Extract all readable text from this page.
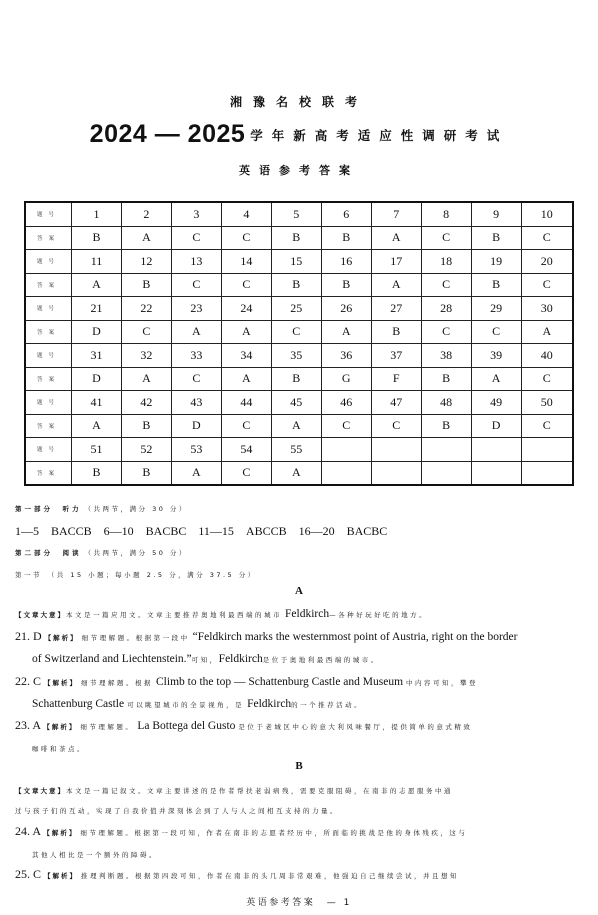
湘豫名校联考
2024 — 2025 学年新高考适应性调研考试
英语参考答案
题号	1	2	3	4	5	6	7	8	9	10
答案	B	A	C	C	B	B	A	C	B	C
题号	11	12	13	14	15	16	17	18	19	20
答案	A	B	C	C	B	B	A	C	B	C
题号	21	22	23	24	25	26	27	28	29	30
答案	D	C	A	A	C	A	B	C	C	A
题号	31	32	33	34	35	36	37	38	39	40
答案	D	A	C	A	B	G	F	B	A	C
题号	41	42	43	44	45	46	47	48	49	50
答案	A	B	D	C	A	C	C	B	D	C
题号	51	52	53	54	55					
答案	B	B	A	C	A					
第一部分　听力 （共两节，满分 30 分）
1—5　BACCB　6—10　BACBC　11—15　ABCCB　16—20　BACBC
第二部分　阅读 （共两节，满分 50 分）
第一节　（共 15 小题；每小题 2.5 分，满分 37.5 分）
A
【文章大意】本文是一篇应用文。文章主要推荐奥地利最西端的城市 Feldkirch—各种好玩好吃的地方。
21. D 【解析】 细节理解题。根据第一段中 “Feldkirch marks the westernmost point of Austria, right on the border
of Switzerland and Liechtenstein.”可知，Feldkirch是位于奥地利最西端的城市。
22. C 【解析】 细节理解题。根据 Climb to the top — Schattenburg Castle and Museum 中内容可知，攀登
Schattenburg Castle 可以眺望城市的全景视角，是 Feldkirch的一个推荐活动。
23. A 【解析】 细节理解题。 La Bottega del Gusto 是位于老城区中心的意大利风味餐厅，提供简单的意式精致
咖啡和茶点。
B
【文章大意】本文是一篇记叙文。文章主要讲述的是作者帮扶老弱病残，需要克服阻碍，在南非的志愿服务中通
过与孩子们的互动，实现了自我价值并深刻体会到了人与人之间相互支持的力量。
24. A 【解析】 细节理解题。根据第一段可知，作者在南非的志愿者经历中，所面临的挑战是他的身体残疾，这与
其他人相比是一个额外的障碍。
25. C 【解析】 推理判断题。根据第四段可知，作者在南非的头几周非常艰难，他强迫自己继续尝试，并且想知
英语参考答案　— 1
